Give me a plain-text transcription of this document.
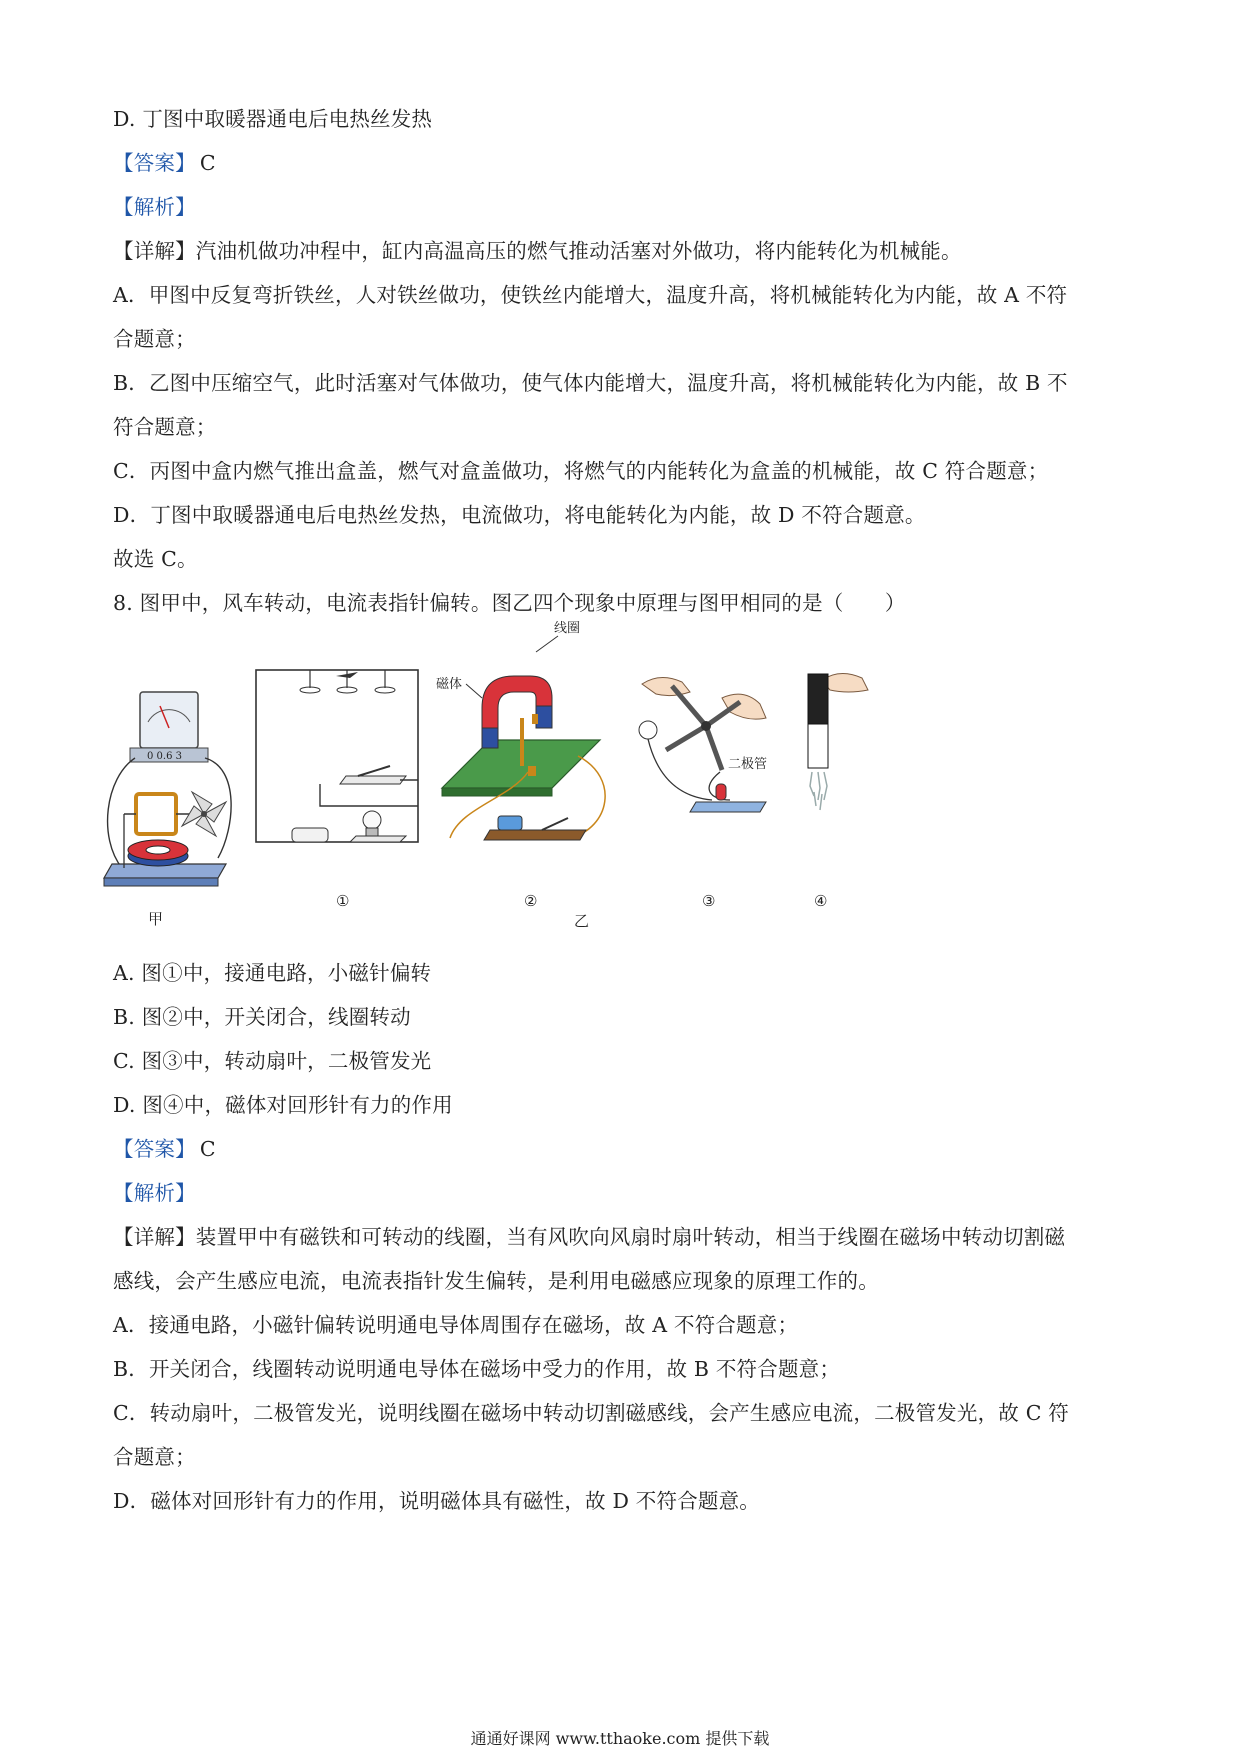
D. 丁图中取暖器通电后电热丝发热
【答案】 C
【解析】
【详解】汽油机做功冲程中，缸内高温高压的燃气推动活塞对外做功，将内能转化为机械能。
A．甲图中反复弯折铁丝，人对铁丝做功，使铁丝内能增大，温度升高，将机械能转化为内能，故 A 不符
合题意；
B．乙图中压缩空气，此时活塞对气体做功，使气体内能增大，温度升高，将机械能转化为内能，故 B 不
符合题意；
C．丙图中盒内燃气推出盒盖，燃气对盒盖做功，将燃气的内能转化为盒盖的机械能，故 C 符合题意；
D．丁图中取暖器通电后电热丝发热，电流做功，将电能转化为内能，故 D 不符合题意。
故选 C。
8. 图甲中，风车转动，电流表指针偏转。图乙四个现象中原理与图甲相同的是（　　）
0 0.6 3
甲
①
线圈
磁体
②
乙
二极管
③	④
A. 图①中，接通电路，小磁针偏转
B. 图②中，开关闭合，线圈转动
C. 图③中，转动扇叶，二极管发光
D. 图④中，磁体对回形针有力的作用
【答案】 C
【解析】
【详解】装置甲中有磁铁和可转动的线圈，当有风吹向风扇时扇叶转动，相当于线圈在磁场中转动切割磁
感线，会产生感应电流，电流表指针发生偏转，是利用电磁感应现象的原理工作的。
A．接通电路，小磁针偏转说明通电导体周围存在磁场，故 A 不符合题意；
B．开关闭合，线圈转动说明通电导体在磁场中受力的作用，故 B 不符合题意；
C．转动扇叶，二极管发光，说明线圈在磁场中转动切割磁感线，会产生感应电流，二极管发光，故 C 符
合题意；
D．磁体对回形针有力的作用，说明磁体具有磁性，故 D 不符合题意。
通通好课网 www.tthaoke.com 提供下载
